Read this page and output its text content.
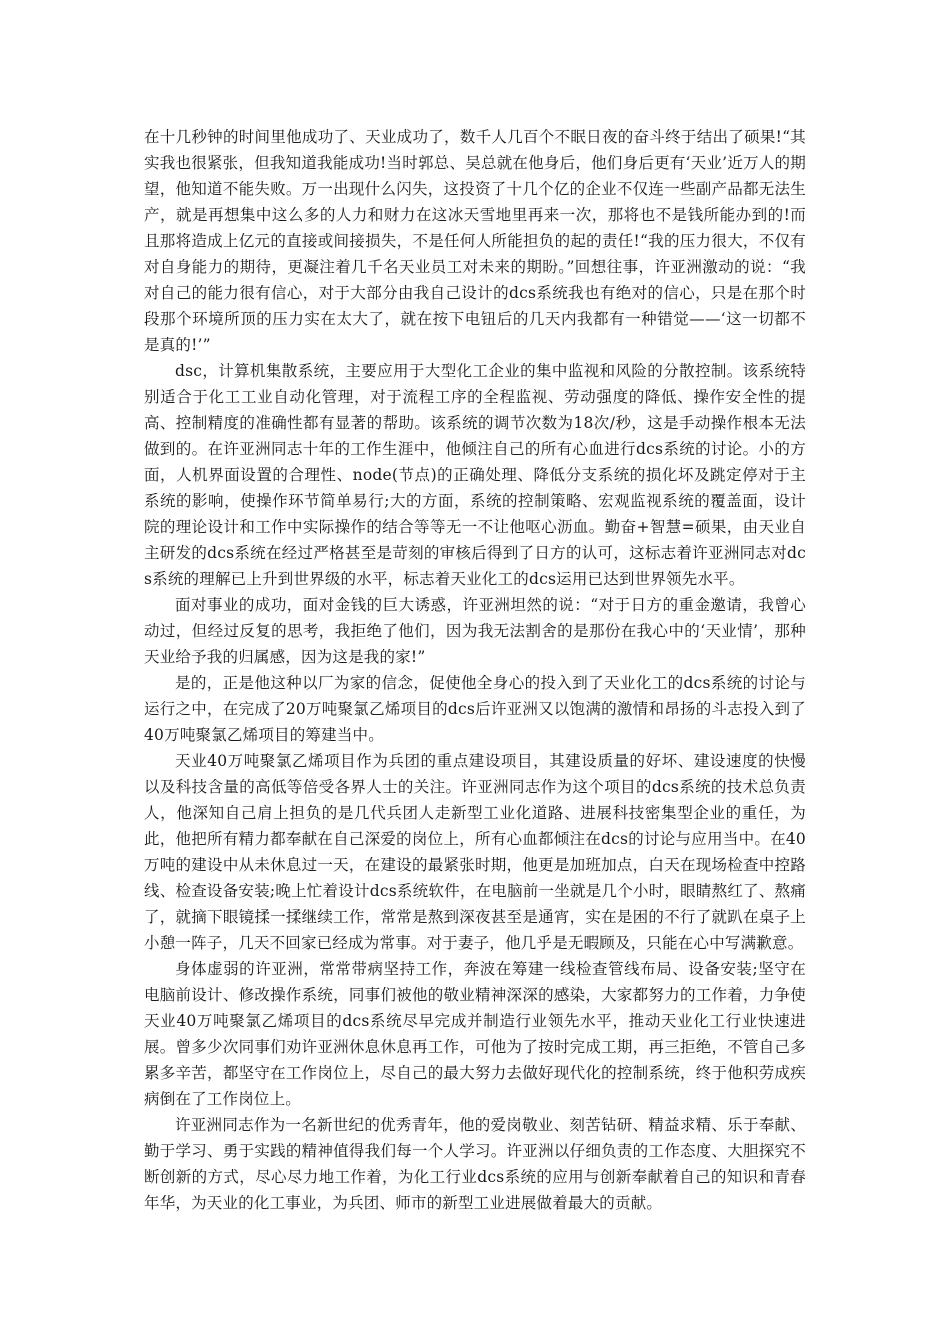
在十几秒钟的时间里他成功了、天业成功了，数千人几百个不眠日夜的奋斗终于结出了硕果!“其实我也很紧张，但我知道我能成功!当时郭总、吴总就在他身后，他们身后更有‘天业’近万人的期望，他知道不能失败。万一出现什么闪失，这投资了十几个亿的企业不仅连一些副产品都无法生产，就是再想集中这么多的人力和财力在这冰天雪地里再来一次，那将也不是钱所能办到的!而且那将造成上亿元的直接或间接损失，不是任何人所能担负的起的责任!“我的压力很大，不仅有对自身能力的期待，更凝注着几千名天业员工对未来的期盼。”回想往事，许亚洲激动的说：“我对自己的能力很有信心，对于大部分由我自己设计的dcs系统我也有绝对的信心，只是在那个时段那个环境所顶的压力实在太大了，就在按下电钮后的几天内我都有一种错觉——‘这一切都不是真的!’”

dsc，计算机集散系统，主要应用于大型化工企业的集中监视和风险的分散控制。该系统特别适合于化工工业自动化管理，对于流程工序的全程监视、劳动强度的降低、操作安全性的提高、控制精度的准确性都有显著的帮助。该系统的调节次数为18次/秒，这是手动操作根本无法做到的。在许亚洲同志十年的工作生涯中，他倾注自己的所有心血进行dcs系统的讨论。小的方面，人机界面设置的合理性、node(节点)的正确处理、降低分支系统的损化坏及跳定停对于主系统的影响，使操作环节简单易行;大的方面，系统的控制策略、宏观监视系统的覆盖面，设计院的理论设计和工作中实际操作的结合等等无一不让他呕心沥血。勤奋+智慧=硕果，由天业自主研发的dcs系统在经过严格甚至是苛刻的审核后得到了日方的认可，这标志着许亚洲同志对dcs系统的理解已上升到世界级的水平，标志着天业化工的dcs运用已达到世界领先水平。

面对事业的成功，面对金钱的巨大诱惑，许亚洲坦然的说：“对于日方的重金邀请，我曾心动过，但经过反复的思考，我拒绝了他们，因为我无法割舍的是那份在我心中的‘天业情’，那种天业给予我的归属感，因为这是我的家!”

是的，正是他这种以厂为家的信念，促使他全身心的投入到了天业化工的dcs系统的讨论与运行之中，在完成了20万吨聚氯乙烯项目的dcs后许亚洲又以饱满的激情和昂扬的斗志投入到了40万吨聚氯乙烯项目的筹建当中。

天业40万吨聚氯乙烯项目作为兵团的重点建设项目，其建设质量的好坏、建设速度的快慢以及科技含量的高低等倍受各界人士的关注。许亚洲同志作为这个项目的dcs系统的技术总负责人，他深知自己肩上担负的是几代兵团人走新型工业化道路、进展科技密集型企业的重任，为此，他把所有精力都奉献在自己深爱的岗位上，所有心血都倾注在dcs的讨论与应用当中。在40万吨的建设中从未休息过一天，在建设的最紧张时期，他更是加班加点，白天在现场检查中控路线、检查设备安装;晚上忙着设计dcs系统软件，在电脑前一坐就是几个小时，眼睛熬红了、熬痛了，就摘下眼镜揉一揉继续工作，常常是熬到深夜甚至是通宵，实在是困的不行了就趴在桌子上小憩一阵子，几天不回家已经成为常事。对于妻子，他几乎是无暇顾及，只能在心中写满歉意。

身体虚弱的许亚洲，常常带病坚持工作，奔波在筹建一线检查管线布局、设备安装;坚守在电脑前设计、修改操作系统，同事们被他的敬业精神深深的感染，大家都努力的工作着，力争使天业40万吨聚氯乙烯项目的dcs系统尽早完成并制造行业领先水平，推动天业化工行业快速进展。曾多少次同事们劝许亚洲休息休息再工作，可他为了按时完成工期，再三拒绝，不管自己多累多辛苦，都坚守在工作岗位上，尽自己的最大努力去做好现代化的控制系统，终于他积劳成疾病倒在了工作岗位上。

许亚洲同志作为一名新世纪的优秀青年，他的爱岗敬业、刻苦钻研、精益求精、乐于奉献、勤于学习、勇于实践的精神值得我们每一个人学习。许亚洲以仔细负责的工作态度、大胆探究不断创新的方式，尽心尽力地工作着，为化工行业dcs系统的应用与创新奉献着自己的知识和青春年华，为天业的化工事业，为兵团、师市的新型工业进展做着最大的贡献。
